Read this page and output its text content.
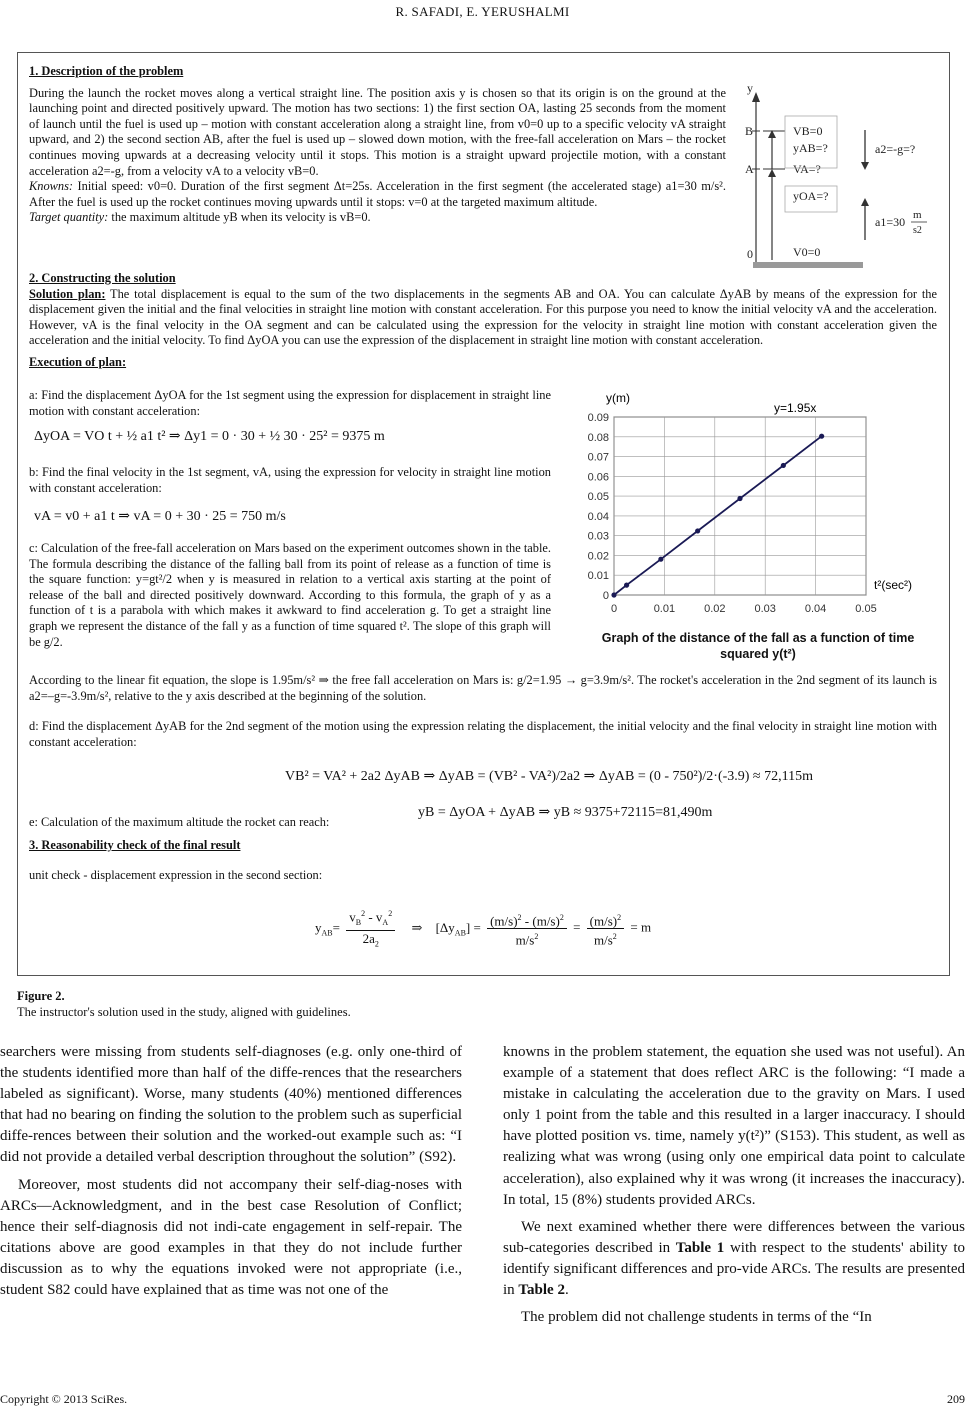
R. SAFADI, E. YERUSHALMI

1. Description of the problem

During the launch the rocket moves along a vertical straight line. The position axis y is chosen so that its origin is on the ground at the launching point and directed positively upward. The motion has two sections: 1) the first section OA, lasting 25 seconds from the moment of launch until the fuel is used up – motion with constant acceleration along a straight line, from v0=0 up to a specific velocity vA straight upward, and 2) the second section AB, after the fuel is used up – slowed down motion, with the free-fall acceleration on Mars – the rocket continues moving upwards at a decreasing velocity until it stops. This motion is a straight upward projectile motion, with a constant acceleration a2=-g, from a velocity vA to a velocity vB=0.

Knowns: Initial speed: v0=0. Duration of the first segment Δt=25s. Acceleration in the first segment (the accelerated stage) a1=30 m/s². After the fuel is used up the rocket continues moving upwards until it stops: v=0 at the targeted maximum altitude.

Target quantity: the maximum altitude yB when its velocity is vB=0.

y
B
A
0
VB=0
yAB=?
VA=?
yOA=?
V0=0
a2=-g=?
a1=30 m
s2

2. Constructing the solution

Solution plan: The total displacement is equal to the sum of the two displacements in the segments AB and OA. You can calculate ΔyAB by means of the expression for the displacement given the initial and the final velocities in straight line motion with constant acceleration. For this purpose you need to know the initial velocity vA and the acceleration. However, vA is the final velocity in the OA segment and can be calculated using the expression for the velocity in straight line motion with constant acceleration given the acceleration and the initial velocity. To find ΔyOA you can use the expression of the displacement in straight line motion with constant acceleration.

Execution of plan:

a: Find the displacement ΔyOA for the 1st segment using the expression for displacement in straight line motion with constant acceleration:
ΔyOA = VO t + ½ a1 t² ⇒ Δy1 = 0 · 30 + ½ 30 · 25² = 9375 m
b: Find the final velocity in the 1st segment, vA, using the expression for velocity in straight line motion with constant acceleration:
vA = v0 + a1 t ⇒ vA = 0 + 30 · 25 = 750 m/s
c: Calculation of the free-fall acceleration on Mars based on the experiment outcomes shown in the table. The formula describing the distance of the falling ball from its point of release as a function of time is the square function: y=gt²/2 when y is measured in relation to a vertical axis starting at the point of release of the ball and directed positively downward. According to this formula, the graph of y as a function of t is a parabola with which makes it awkward to find acceleration g. To get a straight line graph we represent the distance of the fall y as a function of time squared t². The slope of this graph will be g/2.
0
0.01
0.02
0.03
0.04
0.05
0.06
0.07
0.08
0.09
0	0.01	0.02	0.03	0.04	0.05
y(m)
y=1.95x
t²(sec²)
Graph of the distance of the fall as a function of time squared y(t²)
According to the linear fit equation, the slope is 1.95m/s² ⇒ the free fall acceleration on Mars is: g/2=1.95 → g=3.9m/s². The rocket's acceleration in the 2nd segment of its launch is a2=–g=-3.9m/s², relative to the y axis described at the beginning of the solution.
d: Find the displacement ΔyAB for the 2nd segment of the motion using the expression relating the displacement, the initial velocity and the final velocity in straight line motion with constant acceleration:
VB² = VA² + 2a2 ΔyAB ⇒ ΔyAB = (VB² - VA²)/2a2 ⇒ ΔyAB = (0 - 750²)/2·(-3.9) ≈ 72,115m
e: Calculation of the maximum altitude the rocket can reach:
yB = ΔyOA + ΔyAB ⇒ yB ≈ 9375+72115=81,490m

3. Reasonability check of the final result

unit check - displacement expression in the second section:

$y_{AB}= \frac{v_B^2 - v_A^2}{2a_2}$ ⇒ $[\Delta y_{AB}] = \frac{(m/s)^2 - (m/s)^2}{m/s^2} = \frac{(m/s)^2}{m/s^2} = m$
Figure 2.
The instructor's solution used in the study, aligned with guidelines.

searchers were missing from students self-diagnoses (e.g. only one-third of the students identified more than half of the diffe-rences that the researchers labeled as significant). Worse, many students (40%) mentioned differences that had no bearing on finding the solution to the problem such as superficial diffe-rences between their solution and the worked-out example such as: “I did not provide a detailed verbal description throughout the solution” (S92).

Moreover, most students did not accompany their self-diag-noses with ARCs—Acknowledgment, and in the best case Resolution of Conflict; hence their self-diagnosis did not indi-cate engagement in self-repair. The citations above are good examples in that they do not include further discussion as to why the equations invoked were not appropriate (i.e., student S82 could have explained that as time was not one of the

knowns in the problem statement, the equation she used was not useful). An example of a statement that does reflect ARC is the following: “I made a mistake in calculating the acceleration due to the gravity on Mars. I used only 1 point from the table and this resulted in a larger inaccuracy. I should have plotted position vs. time, namely y(t²)” (S153). This student, as well as realizing what was wrong (using only one empirical data point to calculate acceleration), also explained why it was wrong (it increases the inaccuracy). In total, 15 (8%) students provided ARCs.

We next examined whether there were differences between the various sub-categories described in Table 1 with respect to the students' ability to identify significant differences and pro-vide ARCs. The results are presented in Table 2.

The problem did not challenge students in terms of the “In

Copyright © 2013 SciRes.	209
